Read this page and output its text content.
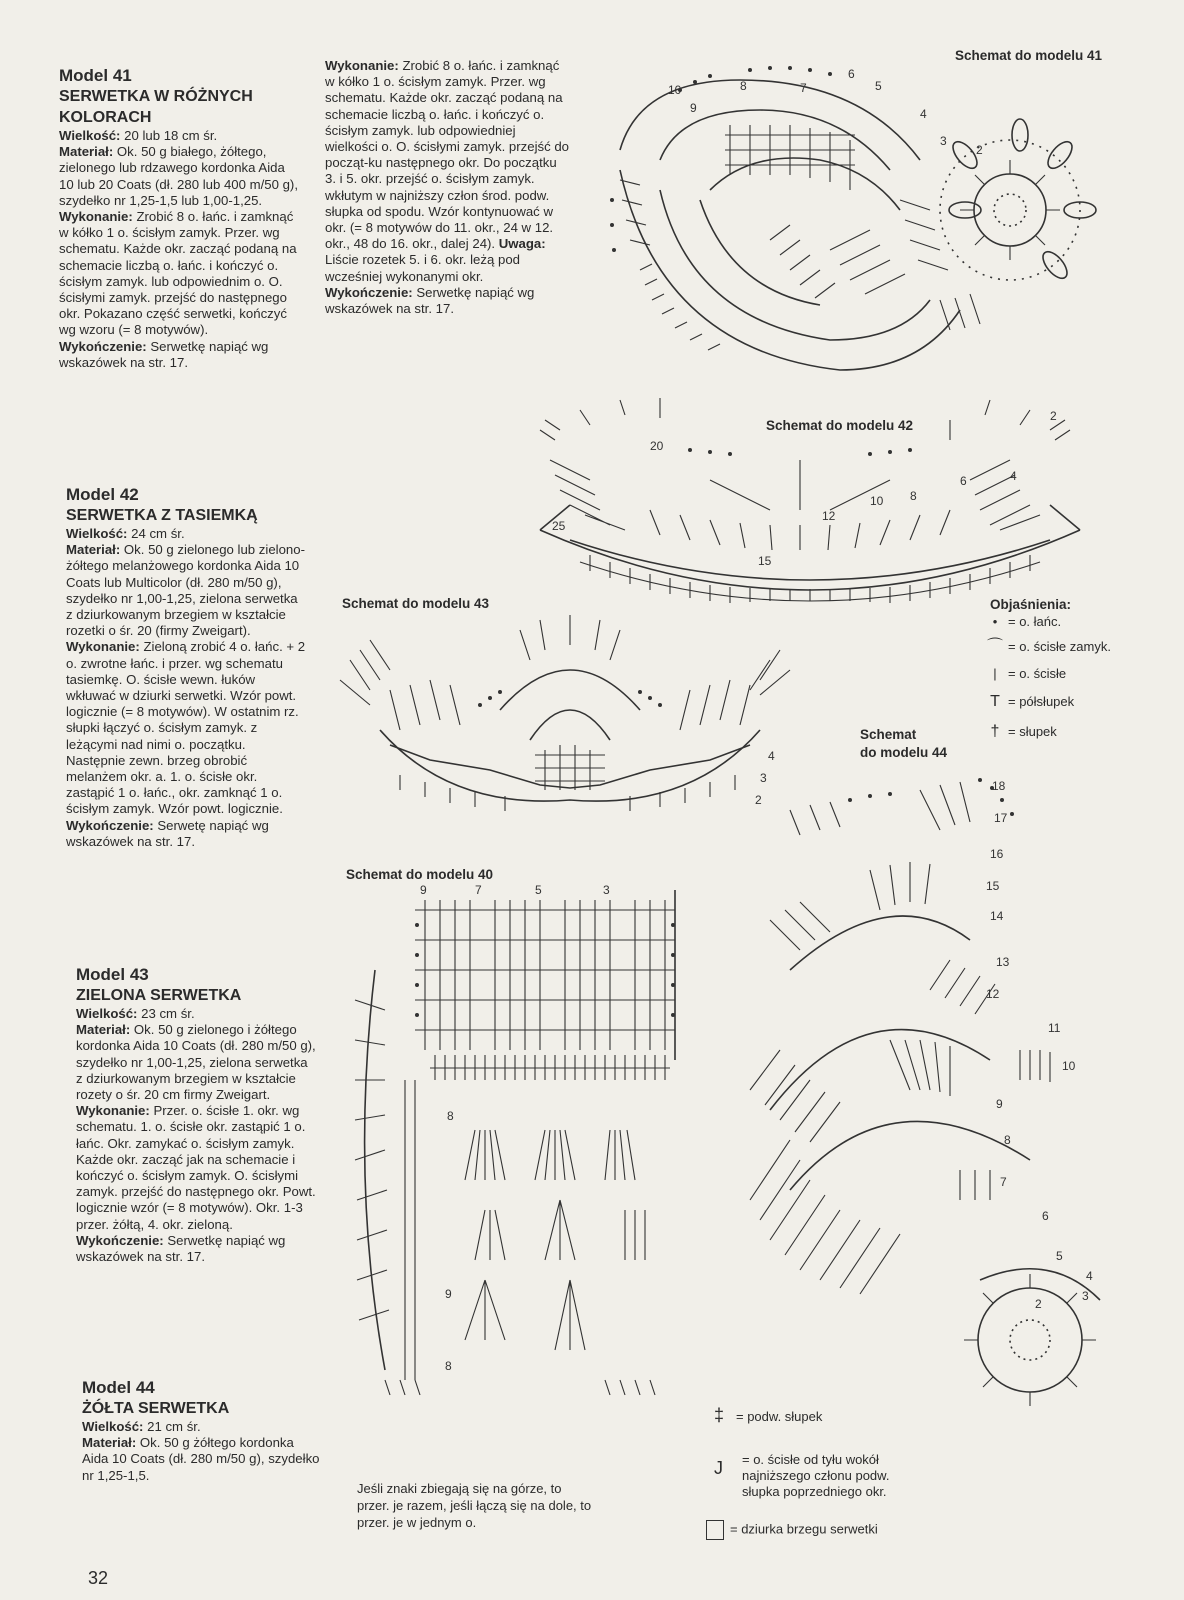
Model 41

SERWETKA W RÓŻNYCH
KOLORACH

Wielkość: 20 lub 18 cm śr.

Materiał: Ok. 50 g białego, żółtego, zielonego lub rdzawego kordonka Aida 10 lub 20 Coats (dł. 280 lub 400 m/50 g), szydełko nr 1,25-1,5 lub 1,00-1,25.

Wykonanie: Zrobić 8 o. łańc. i zamknąć w kółko 1 o. ścisłym zamyk. Przer. wg schematu. Każde okr. zacząć podaną na schemacie liczbą o. łańc. i kończyć o. ścisłym zamyk. lub odpowiednim o. O. ścisłymi zamyk. przejść do następnego okr. Pokazano część serwetki, kończyć wg wzoru (= 8 motywów).

Wykończenie: Serwetkę napiąć wg wskazówek na str. 17.

Model 42

SERWETKA Z TASIEMKĄ

Wielkość: 24 cm śr.

Materiał: Ok. 50 g zielonego lub zielono-żółtego melanżowego kordonka Aida 10 Coats lub Multicolor (dł. 280 m/50 g), szydełko nr 1,00-1,25, zielona serwetka z dziurkowanym brzegiem w kształcie rozetki o śr. 20 (firmy Zweigart).

Wykonanie: Zieloną zrobić 4 o. łańc. + 2 o. zwrotne łańc. i przer. wg schematu tasiemkę. O. ścisłe wewn. łuków wkłuwać w dziurki serwetki. Wzór powt. logicznie (= 8 motywów). W ostatnim rz. słupki łączyć o. ścisłym zamyk. z leżącymi nad nimi o. początku. Następnie zewn. brzeg obrobić melanżem okr. a. 1. o. ścisłe okr. zastąpić 1 o. łańc., okr. zamknąć 1 o. ścisłym zamyk. Wzór powt. logicznie.

Wykończenie: Serwetę napiąć wg wskazówek na str. 17.

Model 43

ZIELONA SERWETKA

Wielkość: 23 cm śr.

Materiał: Ok. 50 g zielonego i żółtego kordonka Aida 10 Coats (dł. 280 m/50 g), szydełko nr 1,00-1,25, zielona serwetka z dziurkowanym brzegiem w kształcie rozety o śr. 20 cm firmy Zweigart.

Wykonanie: Przer. o. ścisłe 1. okr. wg schematu. 1. o. ścisłe okr. zastąpić 1 o. łańc. Okr. zamykać o. ścisłym zamyk. Każde okr. zacząć jak na schemacie i kończyć o. ścisłym zamyk. O. ścisłymi zamyk. przejść do następnego okr. Powt. logicznie wzór (= 8 motywów). Okr. 1-3 przer. żółtą, 4. okr. zieloną.

Wykończenie: Serwetkę napiąć wg wskazówek na str. 17.

Model 44

ŻÓŁTA SERWETKA

Wielkość: 21 cm śr.

Materiał: Ok. 50 g żółtego kordonka Aida 10 Coats (dł. 280 m/50 g), szydełko nr 1,25-1,5.

32

Wykonanie: Zrobić 8 o. łańc. i zamknąć w kółko 1 o. ścisłym zamyk. Przer. wg schematu. Każde okr. zacząć podaną na schemacie liczbą o. łańc. i kończyć o. ścisłym zamyk. lub odpowiedniej wielkości o. O. ścisłymi zamyk. przejść do począt-ku następnego okr. Do początku 3. i 5. okr. przejść o. ścisłym zamyk. wkłutym w najniższy człon środ. podw. słupka od spodu. Wzór kontynuować w okr. (= 8 motywów do 11. okr., 24 w 12. okr., 48 do 16. okr., dalej 24). Uwaga: Liście rozetek 5. i 6. okr. leżą pod wcześniej wykonanymi okr.

Wykończenie: Serwetkę napiąć wg wskazówek na str. 17.

Schemat do modelu 41
Schemat do modelu 42
Schemat do modelu 43
Schemat do modelu 40
Schemat
do modelu 44
Objaśnienia:
• = o. łańc.
⌒ = o. ścisłe zamyk.
| = o. ścisłe
T = półsłupek
† = słupek
‡ = podw. słupek
J = o. ścisłe od tyłu wokół najniższego członu podw. słupka poprzedniego okr.
= dziurka brzegu serwetki
Jeśli znaki zbiegają się na górze, to przer. je razem, jeśli łączą się na dole, to przer. je w jednym o.
10
9
8	7
6
5
4
3
2
25
20
15
12
10 8
6	4
2
4
3
2
9	7	5	3
8
9
8
18
17
16
15
14
13
12
11
10
9
8
7
6
5
4
3
2
